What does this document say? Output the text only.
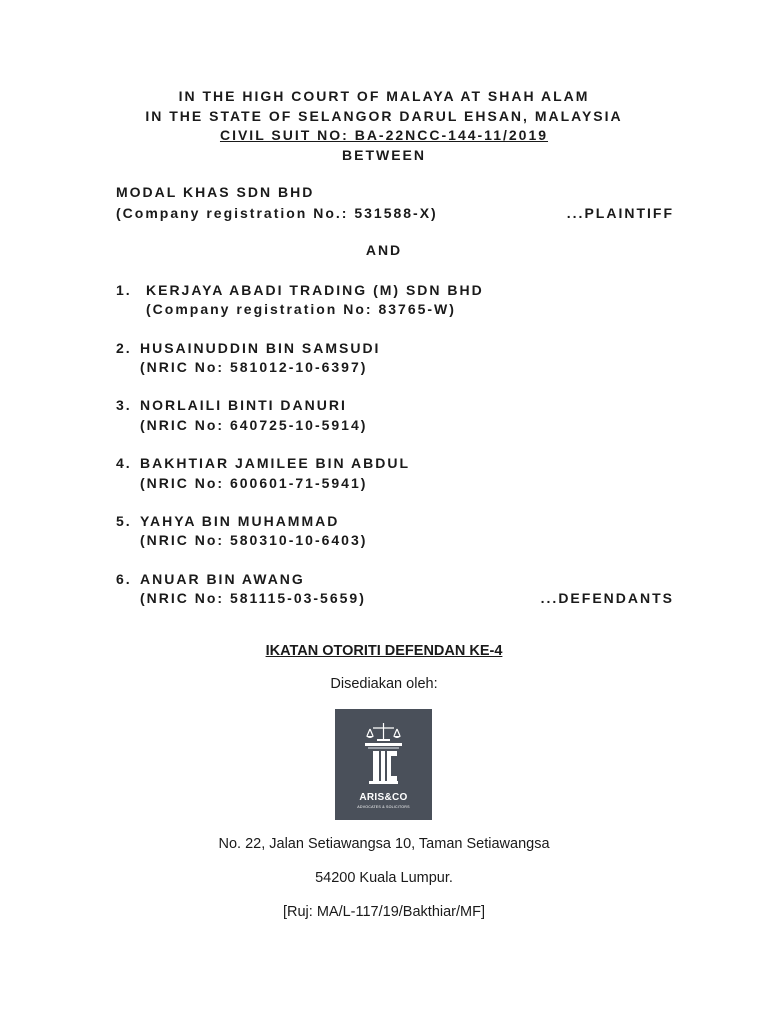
IN THE HIGH COURT OF MALAYA AT SHAH ALAM
IN THE STATE OF SELANGOR DARUL EHSAN, MALAYSIA
CIVIL SUIT NO: BA-22NCC-144-11/2019
BETWEEN
MODAL KHAS SDN BHD
(Company registration No.: 531588-X)	...PLAINTIFF
AND
1. KERJAYA ABADI TRADING (M) SDN BHD
(Company registration No: 83765-W)
2. HUSAINUDDIN BIN SAMSUDI
(NRIC No: 581012-10-6397)
3. NORLAILI BINTI DANURI
(NRIC No: 640725-10-5914)
4. BAKHTIAR JAMILEE BIN ABDUL
(NRIC No: 600601-71-5941)
5. YAHYA BIN MUHAMMAD
(NRIC No: 580310-10-6403)
6. ANUAR BIN AWANG
(NRIC No: 581115-03-5659)	...DEFENDANTS
IKATAN OTORITI DEFENDAN KE-4
Disediakan oleh:
ARIS&CO
ADVOCATES & SOLICITORS
No. 22, Jalan Setiawangsa 10, Taman Setiawangsa
54200 Kuala Lumpur.
[Ruj: MA/L-117/19/Bakthiar/MF]
